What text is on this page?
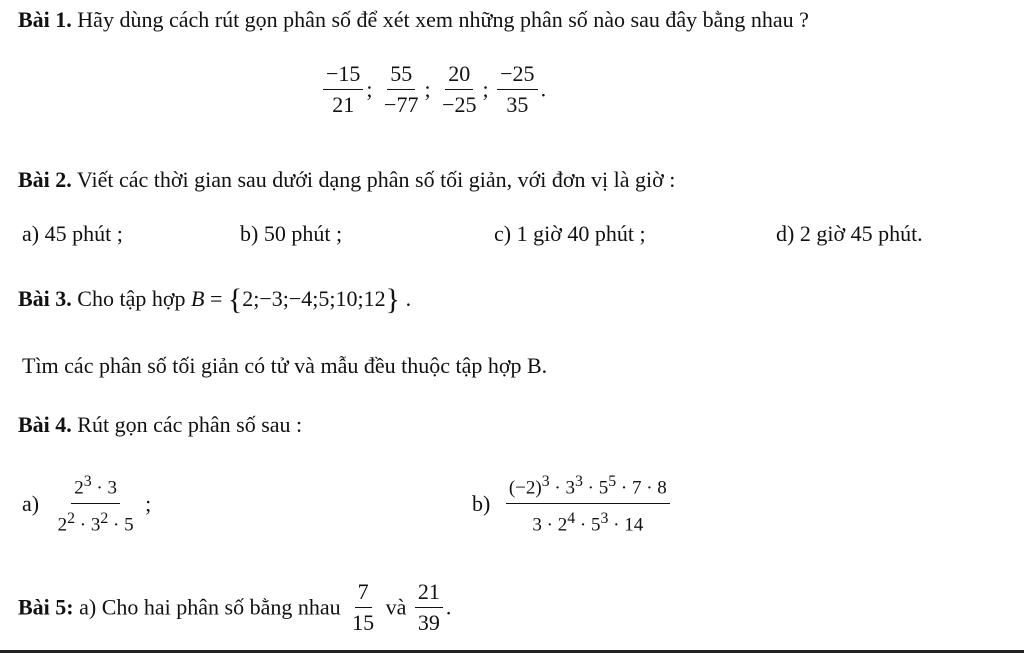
Bài 1. Hãy dùng cách rút gọn phân số để xét xem những phân số nào sau đây bằng nhau ?
$\frac{-15}{21}$ ; $\frac{55}{-77}$ ; $\frac{20}{-25}$ ; $\frac{-25}{35}$ .
Bài 2. Viết các thời gian sau dưới dạng phân số tối giản, với đơn vị là giờ :
a) 45 phút ;	b) 50 phút ;	c) 1 giờ 40 phút ;	d) 2 giờ 45 phút.
Bài 3. Cho tập hợp B = {2;−3;−4;5;10;12} .
Tìm các phân số tối giản có tử và mẫu đều thuộc tập hợp B.
Bài 4. Rút gọn các phân số sau :
$a) \frac{2^3 \cdot 3}{2^2 \cdot 3^2 \cdot 5}$ ;	$b) \frac{(-2)^3 \cdot 3^3 \cdot 5^5 \cdot 7 \cdot 8}{3 \cdot 2^4 \cdot 5^3 \cdot 14}$
Bài 5: a) Cho hai phân số bằng nhau $\frac{7}{15}$ và $\frac{21}{39}$ .
